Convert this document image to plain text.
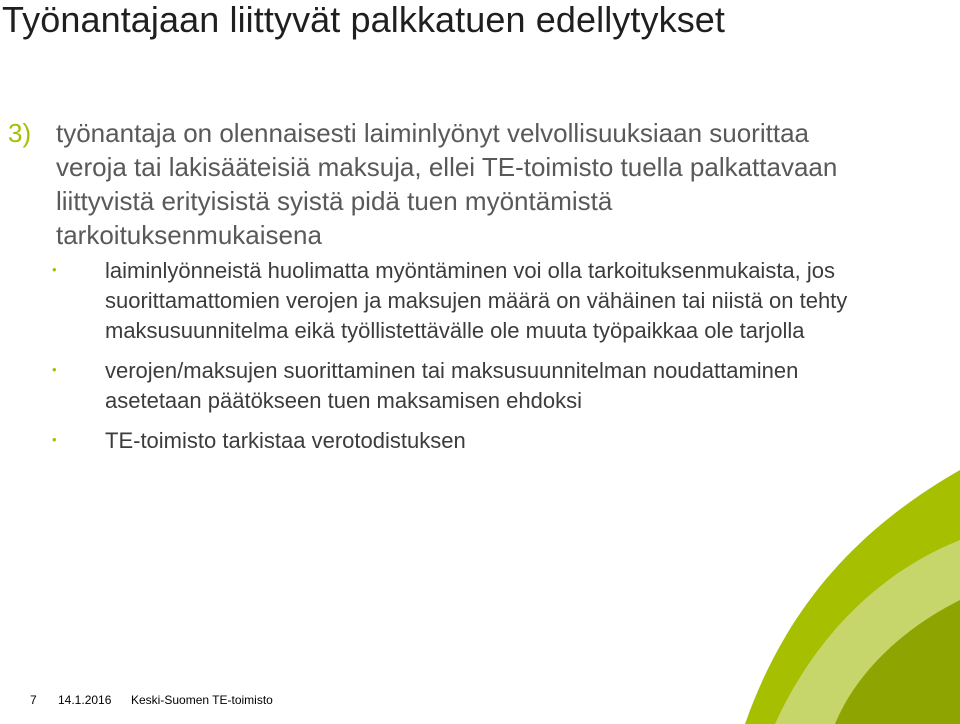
Työnantajaan liittyvät palkkatuen edellytykset
3) työnantaja on olennaisesti laiminlyönyt velvollisuuksiaan suorittaa veroja tai lakisääteisiä maksuja, ellei TE-toimisto tuella palkattavaan liittyvistä erityisistä syistä pidä tuen myöntämistä tarkoituksenmukaisena
• laiminlyönneistä huolimatta myöntäminen voi olla tarkoituksenmukaista, jos suorittamattomien verojen ja maksujen määrä on vähäinen tai niistä on tehty maksusuunnitelma eikä työllistettävälle ole muuta työpaikkaa ole tarjolla
• verojen/maksujen suorittaminen tai maksusuunnitelman noudattaminen asetetaan päätökseen tuen maksamisen ehdoksi
• TE-toimisto tarkistaa verotodistuksen
7 14.1.2016 Keski-Suomen TE-toimisto
